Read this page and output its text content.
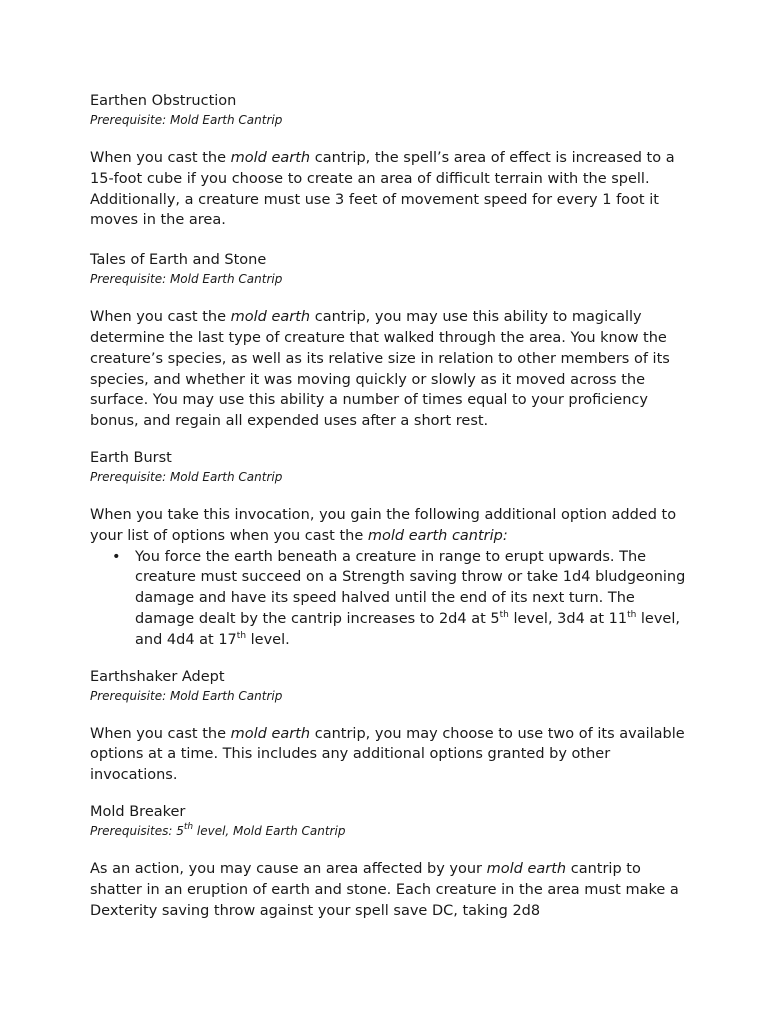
Earthen Obstruction

Prerequisite: Mold Earth Cantrip

When you cast the mold earth cantrip, the spell’s area of effect is increased to a 15-foot cube if you choose to create an area of difficult terrain with the spell. Additionally, a creature must use 3 feet of movement speed for every 1 foot it moves in the area.

Tales of Earth and Stone

Prerequisite: Mold Earth Cantrip

When you cast the mold earth cantrip, you may use this ability to magically determine the last type of creature that walked through the area. You know the creature’s species, as well as its relative size in relation to other members of its species, and whether it was moving quickly or slowly as it moved across the surface. You may use this ability a number of times equal to your proficiency bonus, and regain all expended uses after a short rest.

Earth Burst

Prerequisite: Mold Earth Cantrip

When you take this invocation, you gain the following additional option added to your list of options when you cast the mold earth cantrip:

• You force the earth beneath a creature in range to erupt upwards. The creature must succeed on a Strength saving throw or take 1d4 bludgeoning damage and have its speed halved until the end of its next turn. The damage dealt by the cantrip increases to 2d4 at 5th level, 3d4 at 11th level, and 4d4 at 17th level.

Earthshaker Adept

Prerequisite: Mold Earth Cantrip

When you cast the mold earth cantrip, you may choose to use two of its available options at a time. This includes any additional options granted by other invocations.

Mold Breaker

Prerequisites: 5th level, Mold Earth Cantrip

As an action, you may cause an area affected by your mold earth cantrip to shatter in an eruption of earth and stone. Each creature in the area must make a Dexterity saving throw against your spell save DC, taking 2d8
